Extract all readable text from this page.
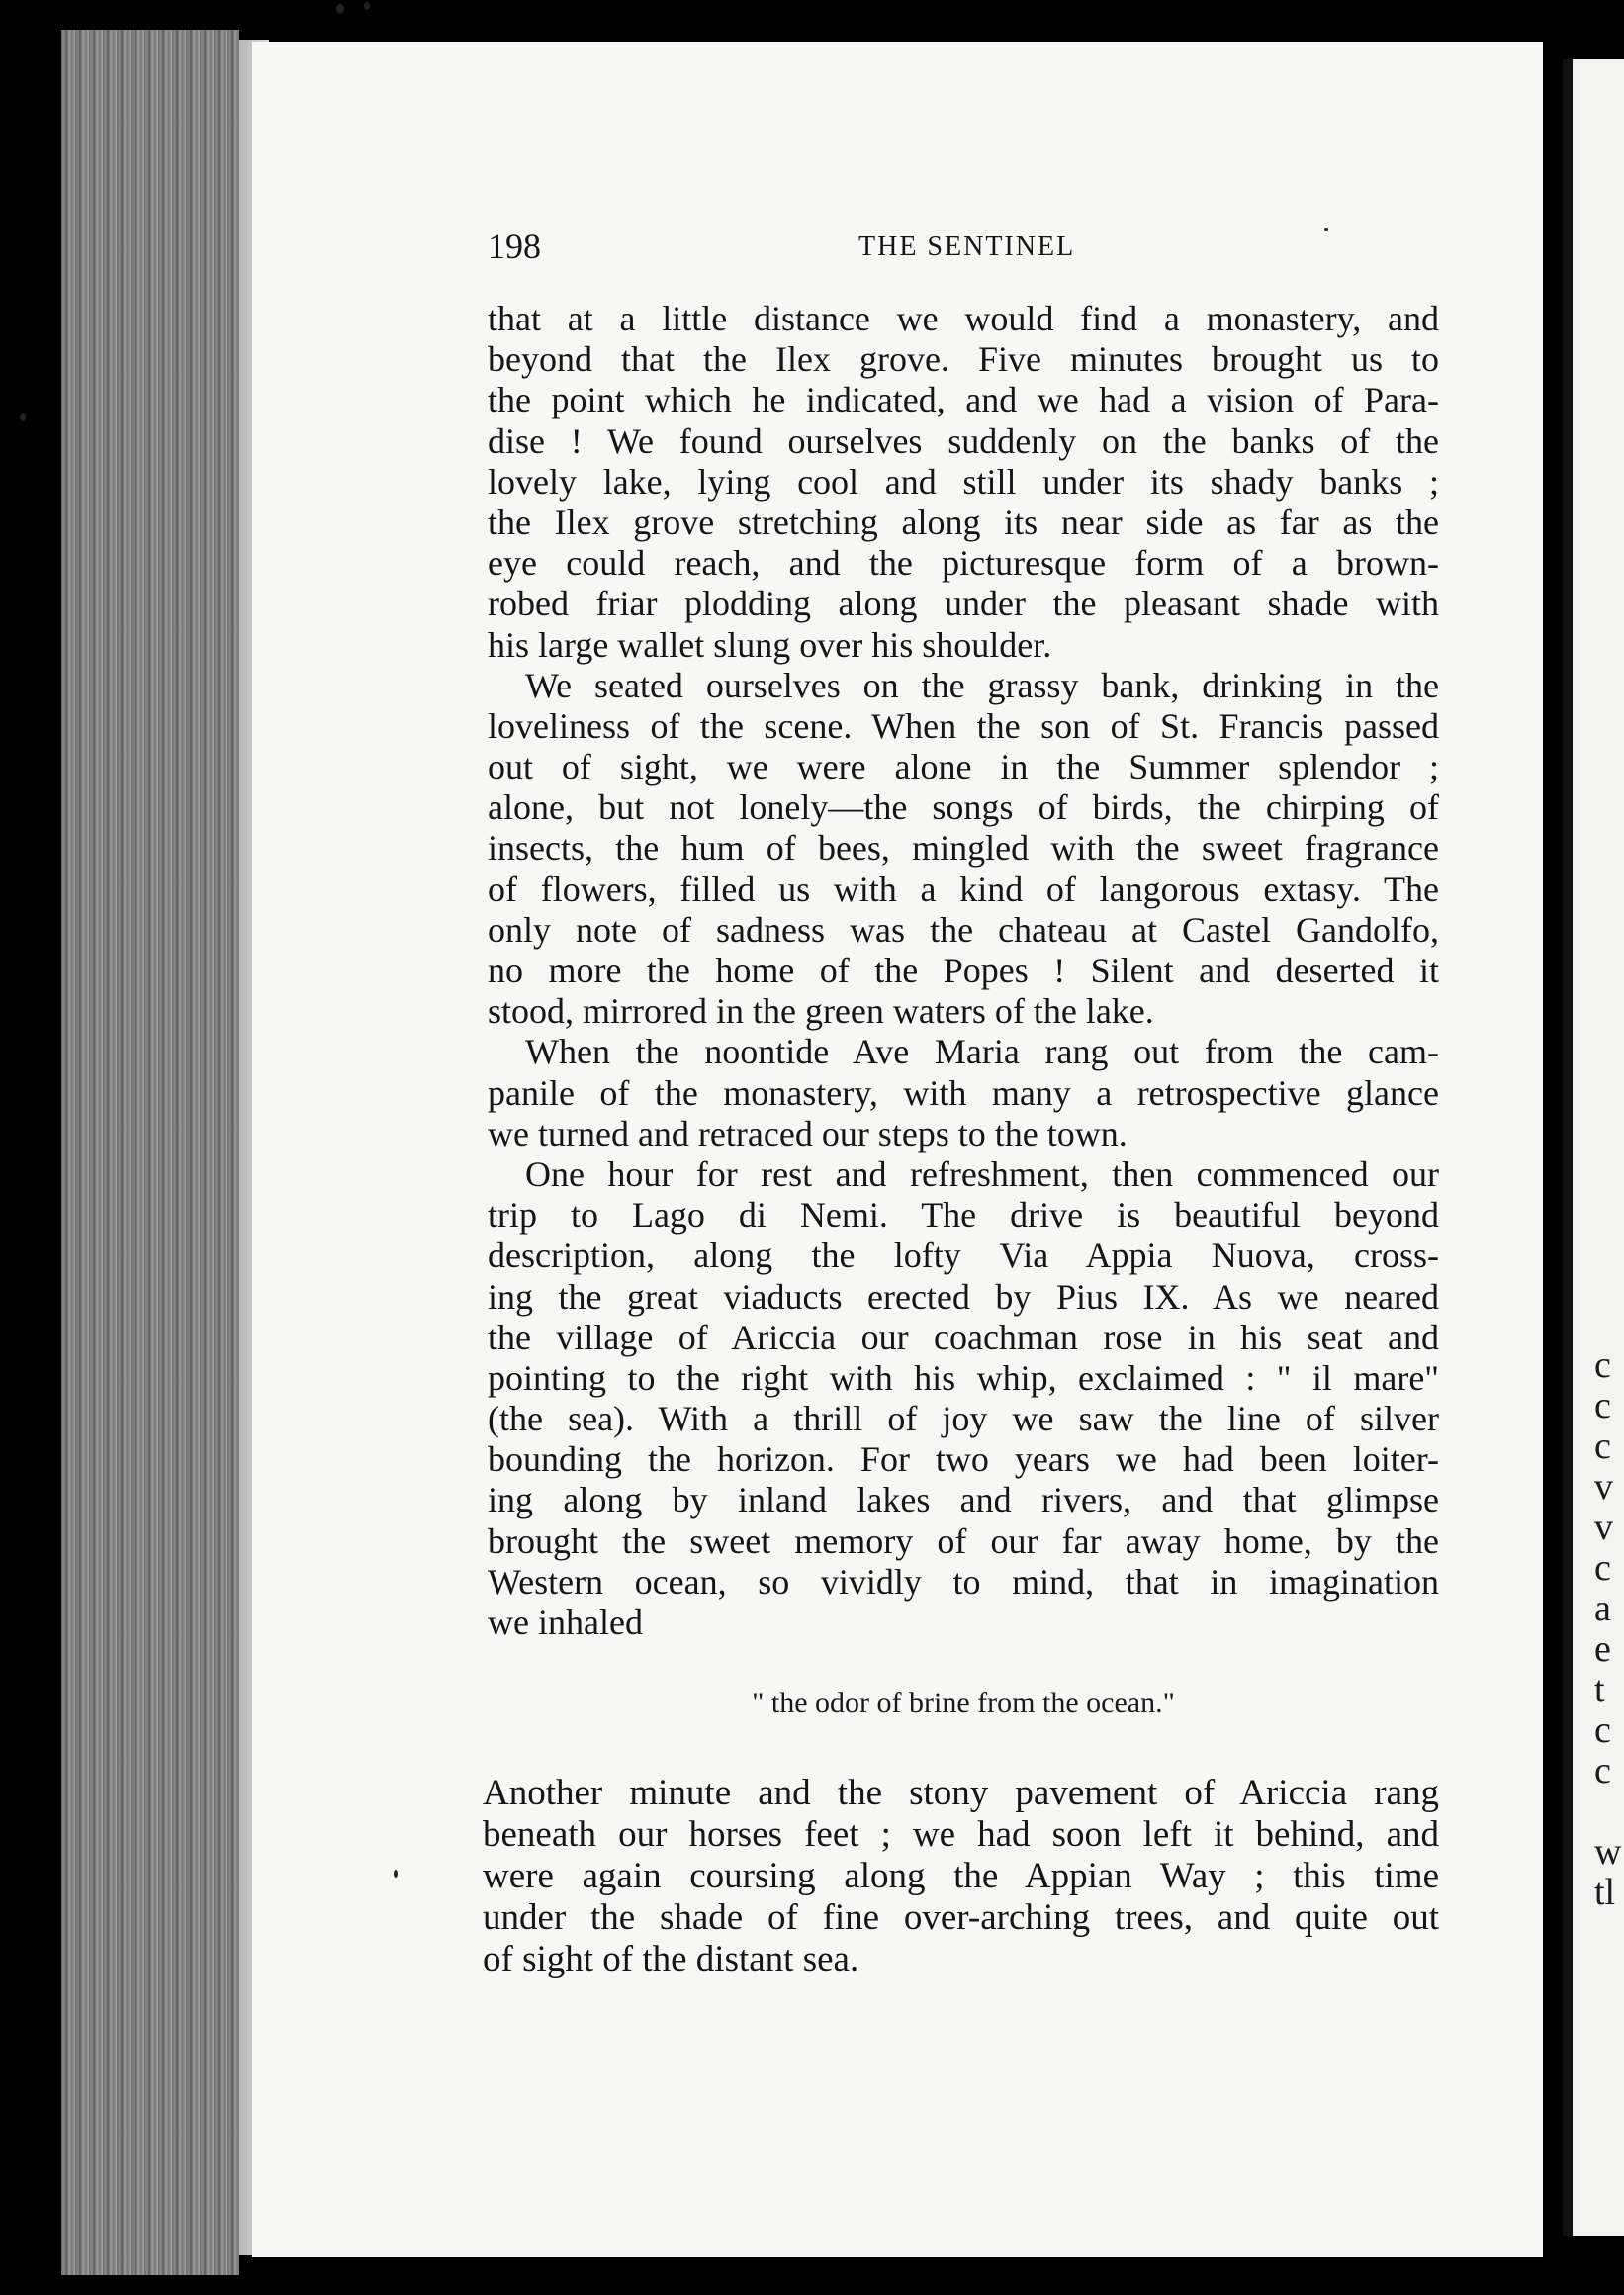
c
c
c
v
v
c
a
e
t
c
c
w
tl
198	THE SENTINEL
that at a little distance we would find a monastery, and
beyond that the Ilex grove. Five minutes brought us to
the point which he indicated, and we had a vision of Para-
dise ! We found ourselves suddenly on the banks of the
lovely lake, lying cool and still under its shady banks ;
the Ilex grove stretching along its near side as far as the
eye could reach, and the picturesque form of a brown-
robed friar plodding along under the pleasant shade with
his large wallet slung over his shoulder.
We seated ourselves on the grassy bank, drinking in the
loveliness of the scene. When the son of St. Francis passed
out of sight, we were alone in the Summer splendor ;
alone, but not lonely—the songs of birds, the chirping of
insects, the hum of bees, mingled with the sweet fragrance
of flowers, filled us with a kind of langorous extasy. The
only note of sadness was the chateau at Castel Gandolfo,
no more the home of the Popes ! Silent and deserted it
stood, mirrored in the green waters of the lake.
When the noontide Ave Maria rang out from the cam-
panile of the monastery, with many a retrospective glance
we turned and retraced our steps to the town.
One hour for rest and refreshment, then commenced our
trip to Lago di Nemi. The drive is beautiful beyond
description, along the lofty Via Appia Nuova, cross-
ing the great viaducts erected by Pius IX. As we neared
the village of Ariccia our coachman rose in his seat and
pointing to the right with his whip, exclaimed : " il mare"
(the sea). With a thrill of joy we saw the line of silver
bounding the horizon. For two years we had been loiter-
ing along by inland lakes and rivers, and that glimpse
brought the sweet memory of our far away home, by the
Western ocean, so vividly to mind, that in imagination
we inhaled
" the odor of brine from the ocean."
Another minute and the stony pavement of Ariccia rang
beneath our horses feet ; we had soon left it behind, and
were again coursing along the Appian Way ; this time
under the shade of fine over-arching trees, and quite out
of sight of the distant sea.
